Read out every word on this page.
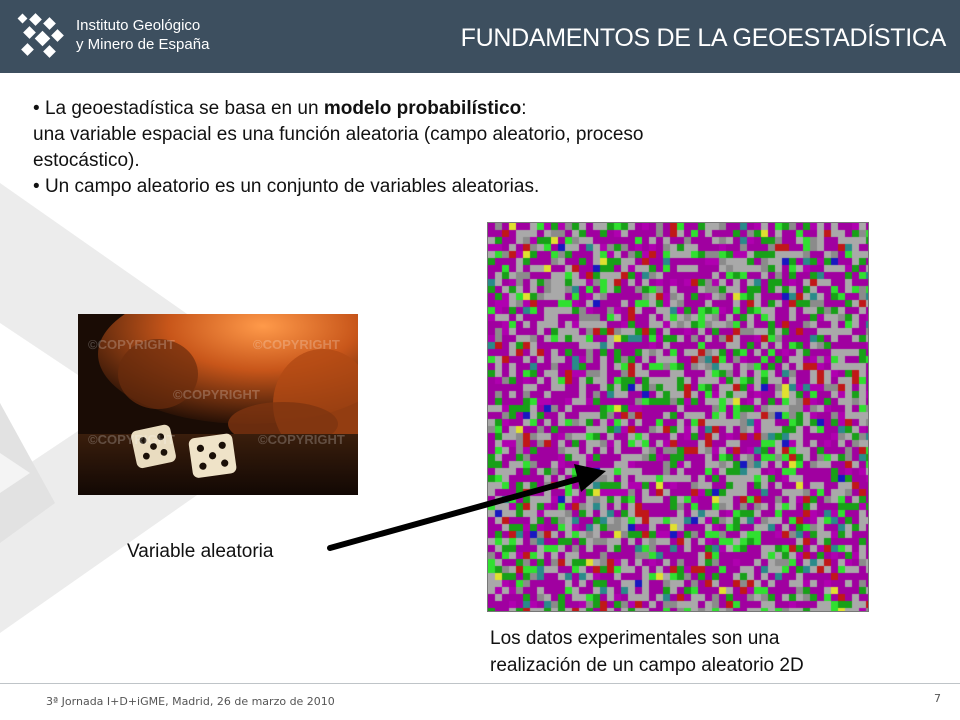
Instituto Geológico
y Minero de España	FUNDAMENTOS DE LA GEOESTADÍSTICA

• La geoestadística se basa en un modelo probabilístico:

una variable espacial es una función aleatoria (campo aleatorio, proceso

estocástico).

• Un campo aleatorio es un conjunto de variables aleatorias.

©COPYRIGHT	©COPYRIGHT
©COPYRIGHT
©COPYRIGHT	©COPYRIGHT
Variable aleatoria
Los datos experimentales son una
realización de un campo aleatorio 2D
3ª Jornada I+D+iGME, Madrid, 26 de marzo de 2010	7
